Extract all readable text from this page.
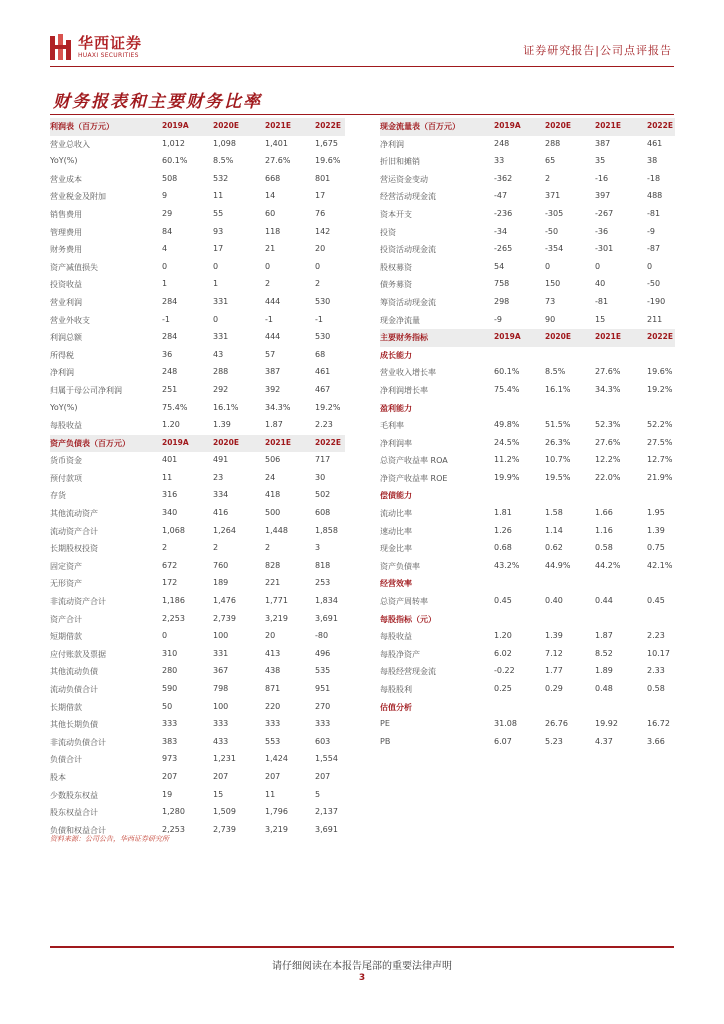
华西证券
HUAXI SECURITIES	证券研究报告|公司点评报告
财务报表和主要财务比率
利润表（百万元）	2019A	2020E	2021E	2022E
营业总收入	1,012	1,098	1,401	1,675
YoY(%)	60.1%	8.5%	27.6%	19.6%
营业成本	508	532	668	801
营业税金及附加	9	11	14	17
销售费用	29	55	60	76
管理费用	84	93	118	142
财务费用	4	17	21	20
资产减值损失	0	0	0	0
投资收益	1	1	2	2
营业利润	284	331	444	530
营业外收支	-1	0	-1	-1
利润总额	284	331	444	530
所得税	36	43	57	68
净利润	248	288	387	461
归属于母公司净利润	251	292	392	467
YoY(%)	75.4%	16.1%	34.3%	19.2%
每股收益	1.20	1.39	1.87	2.23
资产负债表（百万元）	2019A	2020E	2021E	2022E
货币资金	401	491	506	717
预付款项	11	23	24	30
存货	316	334	418	502
其他流动资产	340	416	500	608
流动资产合计	1,068	1,264	1,448	1,858
长期股权投资	2	2	2	3
固定资产	672	760	828	818
无形资产	172	189	221	253
非流动资产合计	1,186	1,476	1,771	1,834
资产合计	2,253	2,739	3,219	3,691
短期借款	0	100	20	-80
应付账款及票据	310	331	413	496
其他流动负债	280	367	438	535
流动负债合计	590	798	871	951
长期借款	50	100	220	270
其他长期负债	333	333	333	333
非流动负债合计	383	433	553	603
负债合计	973	1,231	1,424	1,554
股本	207	207	207	207
少数股东权益	19	15	11	5
股东权益合计	1,280	1,509	1,796	2,137
负债和权益合计	2,253	2,739	3,219	3,691
现金流量表（百万元）	2019A	2020E	2021E	2022E
净利润	248	288	387	461
折旧和摊销	33	65	35	38
营运资金变动	-362	2	-16	-18
经营活动现金流	-47	371	397	488
资本开支	-236	-305	-267	-81
投资	-34	-50	-36	-9
投资活动现金流	-265	-354	-301	-87
股权募资	54	0	0	0
债务募资	758	150	40	-50
筹资活动现金流	298	73	-81	-190
现金净流量	-9	90	15	211
主要财务指标	2019A	2020E	2021E	2022E
成长能力
营业收入增长率	60.1%	8.5%	27.6%	19.6%
净利润增长率	75.4%	16.1%	34.3%	19.2%
盈利能力
毛利率	49.8%	51.5%	52.3%	52.2%
净利润率	24.5%	26.3%	27.6%	27.5%
总资产收益率 ROA	11.2%	10.7%	12.2%	12.7%
净资产收益率 ROE	19.9%	19.5%	22.0%	21.9%
偿债能力
流动比率	1.81	1.58	1.66	1.95
速动比率	1.26	1.14	1.16	1.39
现金比率	0.68	0.62	0.58	0.75
资产负债率	43.2%	44.9%	44.2%	42.1%
经营效率
总资产周转率	0.45	0.40	0.44	0.45
每股指标（元）
每股收益	1.20	1.39	1.87	2.23
每股净资产	6.02	7.12	8.52	10.17
每股经营现金流	-0.22	1.77	1.89	2.33
每股股利	0.25	0.29	0.48	0.58
估值分析
PE	31.08	26.76	19.92	16.72
PB	6.07	5.23	4.37	3.66
资料来源：公司公告，华西证券研究所
请仔细阅读在本报告尾部的重要法律声明
3
